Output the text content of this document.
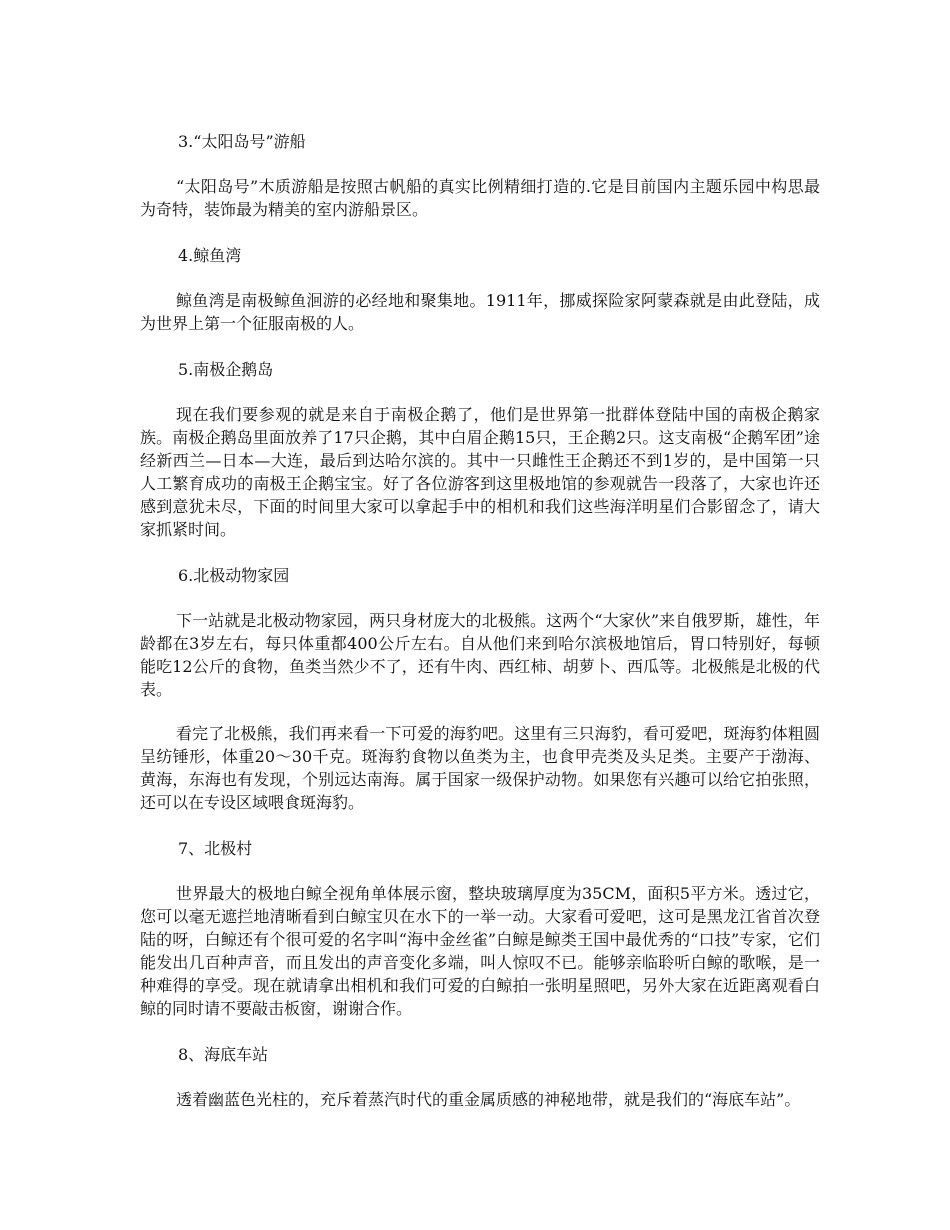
3.“太阳岛号”游船

“太阳岛号”木质游船是按照古帆船的真实比例精细打造的.它是目前国内主题乐园中构思最为奇特，装饰最为精美的室内游船景区。

4.鲸鱼湾

鲸鱼湾是南极鲸鱼洄游的必经地和聚集地。1911年，挪威探险家阿蒙森就是由此登陆，成为世界上第一个征服南极的人。

5.南极企鹅岛

现在我们要参观的就是来自于南极企鹅了，他们是世界第一批群体登陆中国的南极企鹅家族。南极企鹅岛里面放养了17只企鹅，其中白眉企鹅15只，王企鹅2只。这支南极“企鹅军团”途经新西兰—日本—大连，最后到达哈尔滨的。其中一只雌性王企鹅还不到1岁的，是中国第一只人工繁育成功的南极王企鹅宝宝。好了各位游客到这里极地馆的参观就告一段落了，大家也许还感到意犹未尽，下面的时间里大家可以拿起手中的相机和我们这些海洋明星们合影留念了，请大家抓紧时间。

6.北极动物家园

下一站就是北极动物家园，两只身材庞大的北极熊。这两个“大家伙”来自俄罗斯，雄性，年龄都在3岁左右，每只体重都400公斤左右。自从他们来到哈尔滨极地馆后，胃口特别好，每顿能吃12公斤的食物，鱼类当然少不了，还有牛肉、西红柿、胡萝卜、西瓜等。北极熊是北极的代表。

看完了北极熊，我们再来看一下可爱的海豹吧。这里有三只海豹，看可爱吧，斑海豹体粗圆呈纺锤形，体重20～30千克。斑海豹食物以鱼类为主，也食甲壳类及头足类。主要产于渤海、黄海，东海也有发现，个别远达南海。属于国家一级保护动物。如果您有兴趣可以给它拍张照，还可以在专设区域喂食斑海豹。

7、北极村

世界最大的极地白鲸全视角单体展示窗，整块玻璃厚度为35CM，面积5平方米。透过它，您可以毫无遮拦地清晰看到白鲸宝贝在水下的一举一动。大家看可爱吧，这可是黑龙江省首次登陆的呀，白鲸还有个很可爱的名字叫“海中金丝雀”白鲸是鲸类王国中最优秀的“口技”专家，它们能发出几百种声音，而且发出的声音变化多端，叫人惊叹不已。能够亲临聆听白鲸的歌喉，是一种难得的享受。现在就请拿出相机和我们可爱的白鲸拍一张明星照吧，另外大家在近距离观看白鲸的同时请不要敲击板窗，谢谢合作。

8、海底车站

透着幽蓝色光柱的，充斥着蒸汽时代的重金属质感的神秘地带，就是我们的“海底车站”。
